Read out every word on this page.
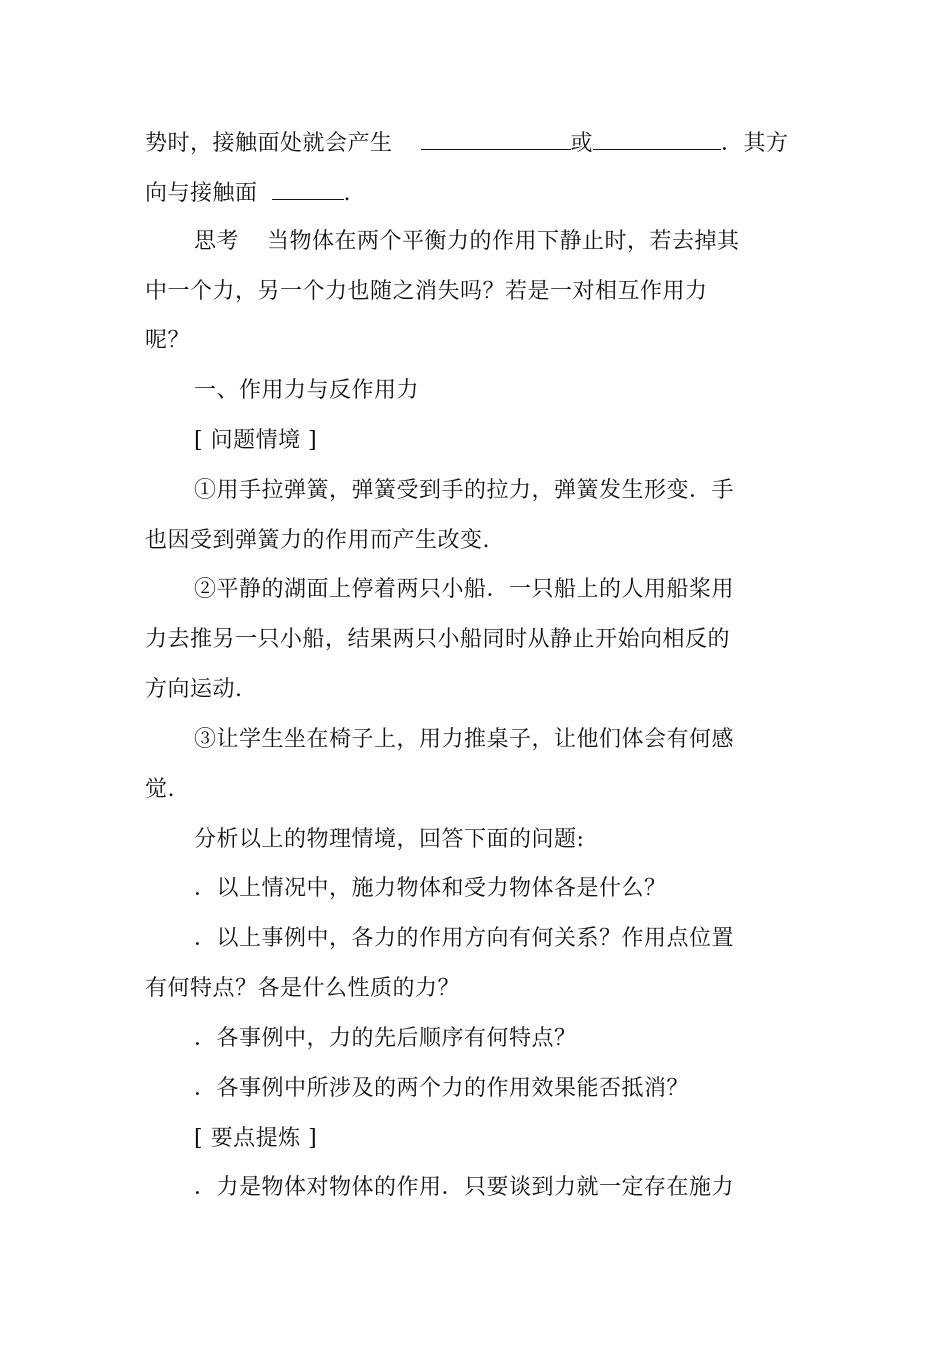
势时，接触面处就会产生	或	．其方
向与接触面	.
思考 当物体在两个平衡力的作用下静止时，若去掉其
中一个力，另一个力也随之消失吗？若是一对相互作用力
呢？
一、作用力与反作用力
[ 问题情境 ]
①用手拉弹簧，弹簧受到手的拉力，弹簧发生形变．手
也因受到弹簧力的作用而产生改变.
②平静的湖面上停着两只小船．一只船上的人用船桨用
力去推另一只小船，结果两只小船同时从静止开始向相反的
方向运动.
③让学生坐在椅子上，用力推桌子，让他们体会有何感
觉.
分析以上的物理情境，回答下面的问题:
．以上情况中，施力物体和受力物体各是什么？
．以上事例中，各力的作用方向有何关系？作用点位置
有何特点？各是什么性质的力？
．各事例中，力的先后顺序有何特点？
．各事例中所涉及的两个力的作用效果能否抵消？
[ 要点提炼 ]
．力是物体对物体的作用．只要谈到力就一定存在施力
